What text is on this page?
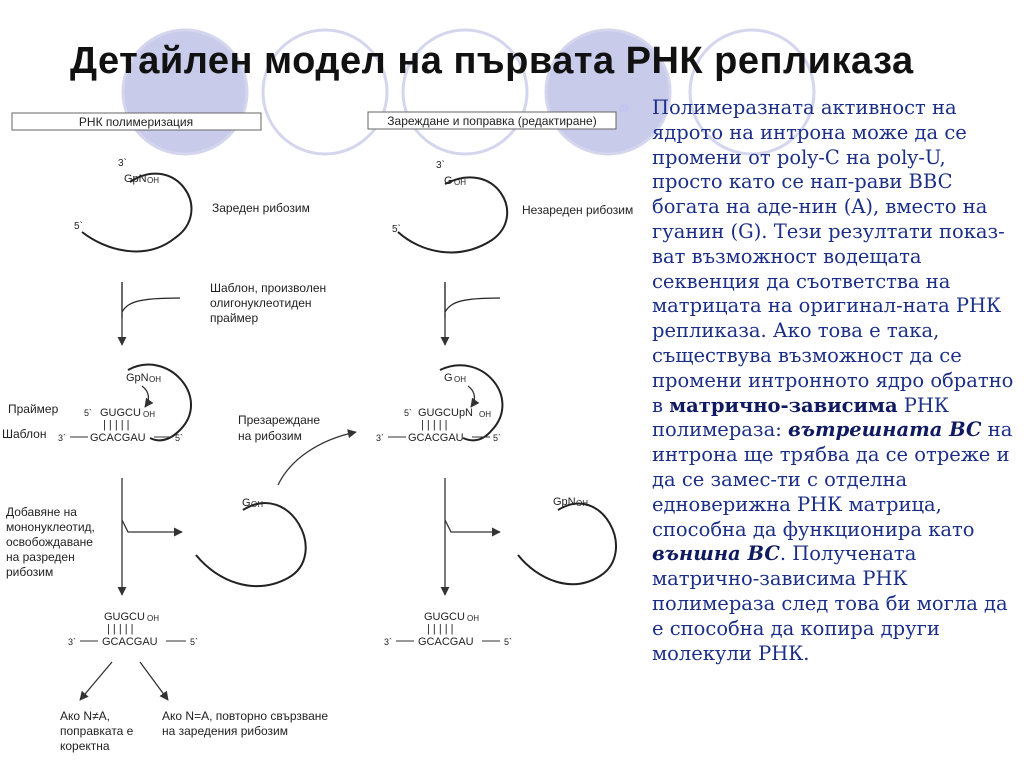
Детайлен модел на първата РНК репликаза
РНК полимеризация	Зареждане и поправка (редактиране)
3`
GpN OH
5`
Зареден рибозим
3`
G OH
5`
Незареден рибозим
Шаблон, произволен
олигонуклеотиден
праймер
GpN OH
Праймер
Шаблон
5` GUGCU OH
| | | | |
3` GCACGAU	5`
Презареждане
на рибозим
G OH
5` GUGCUpN OH
| | | | |
3` GCACGAU	5`
Добавяне на
мононуклеотид,
освобождаване
на разреден
рибозим
G OH	GpN OH
GUGCU OH
| | | | |
3` GCACGAU	5`
GUGCU OH
| | | | |
3` GCACGAU	5`
Ако N≠A,
поправката е
коректна
Ако N=A, повторно свързване
на заредения рибозим

Полимеразната активност на ядрото на интрона може да се промени от poly-C на poly-U, просто като се нап-рави BBC богата на аде-нин (A), вместо на гуанин (G). Тези резултати показ-ват възможност водещата секвенция да съответства на матрицата на оригинал-ната РНК репликаза. Ако това е така, съществува възможност да се промени интронното ядро обратно в матрично-зависима РНК полимераза: вътрешната BC на интрона ще трябва да се отреже и да се замес-ти с отделна едноверижна РНК матрица, способна да функционира като външна BC. Получената матрично-зависима РНК полимераза след това би могла да е способна да копира други молекули РНК.
